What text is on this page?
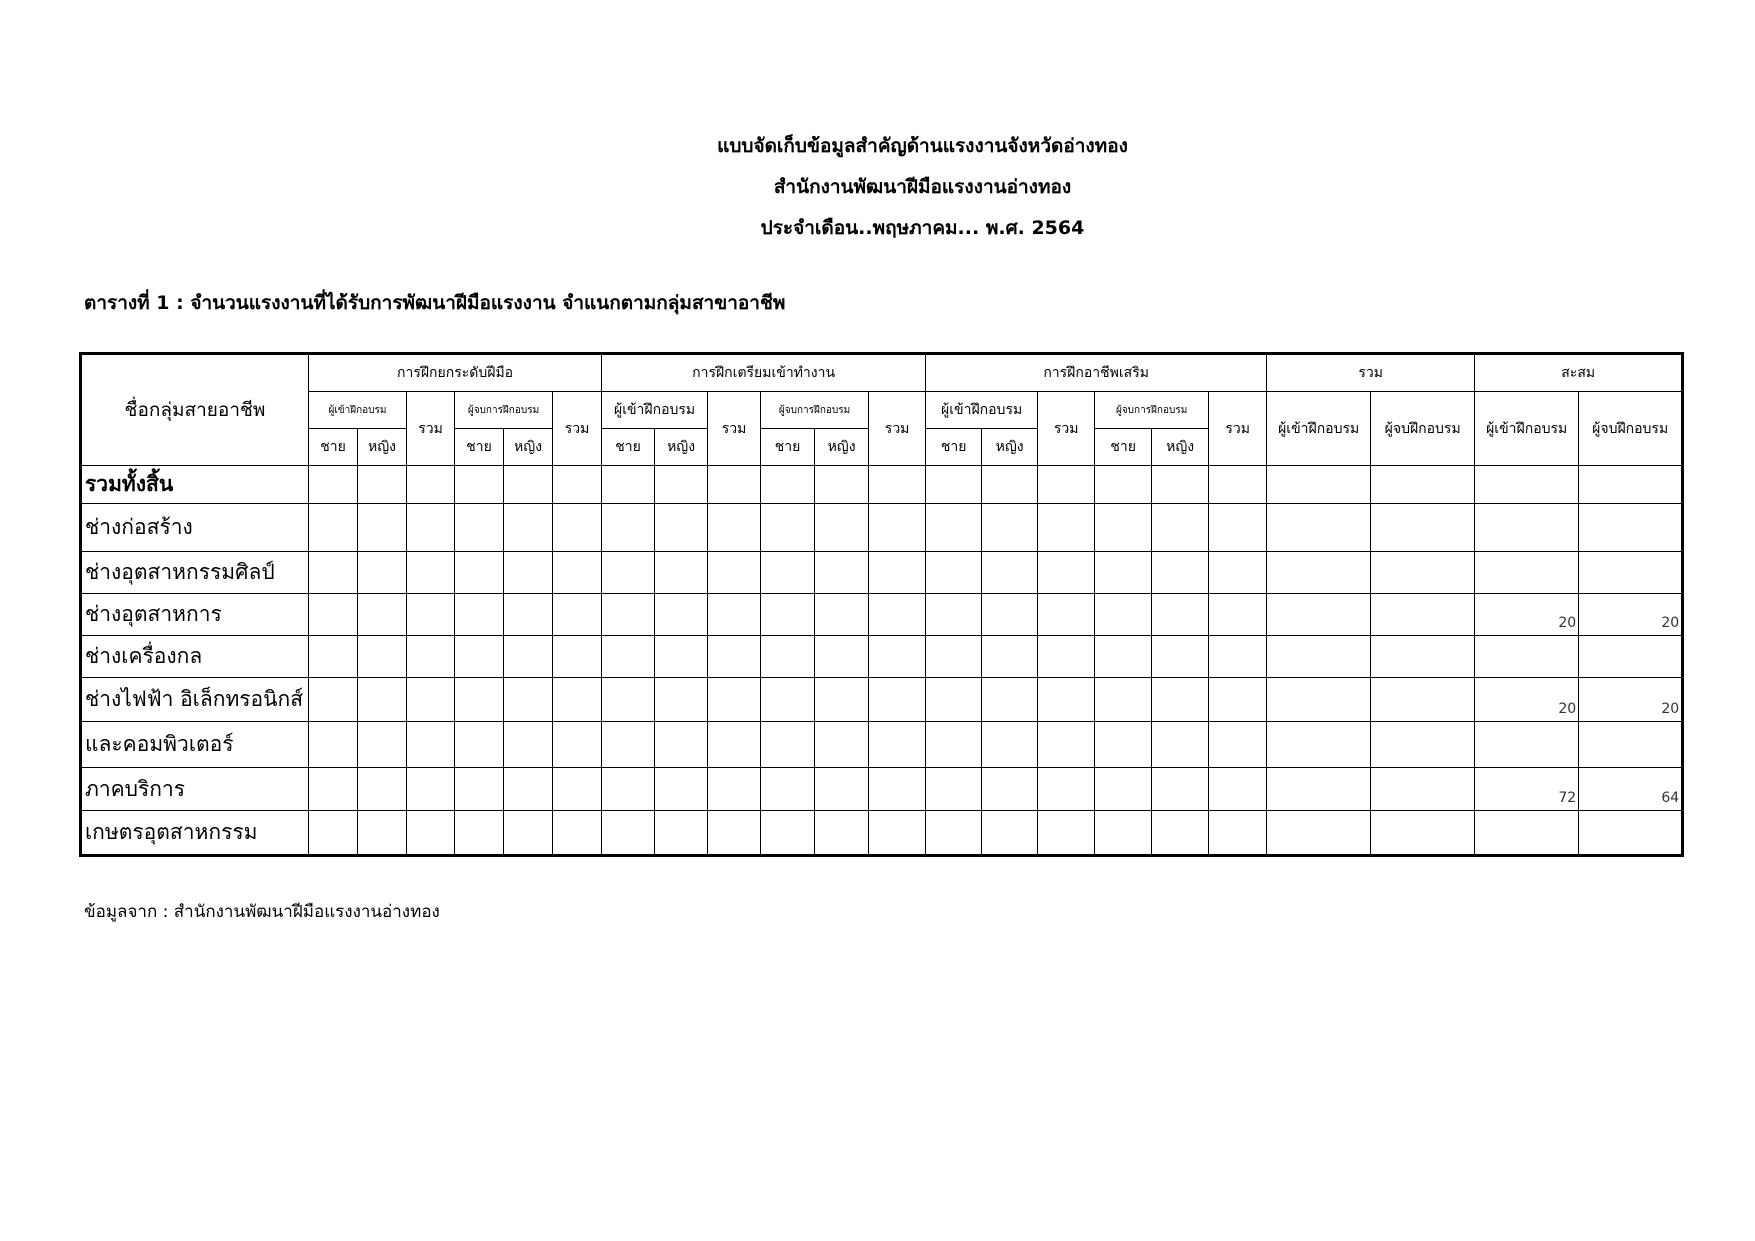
แบบจัดเก็บข้อมูลสำคัญด้านแรงงานจังหวัดอ่างทอง
สำนักงานพัฒนาฝีมือแรงงานอ่างทอง
ประจำเดือน..พฤษภาคม... พ.ศ. 2564
ตารางที่ 1 : จำนวนแรงงานที่ได้รับการพัฒนาฝีมือแรงงาน จำแนกตามกลุ่มสาขาอาชีพ
ชื่อกลุ่มสายอาชีพ	การฝึกยกระดับฝีมือ						การฝึกเตรียมเข้าทำงาน						การฝึกอาชีพเสริม						รวม		สะสม	
	ผู้เข้าฝึกอบรม		รวม	ผู้จบการฝึกอบรม		รวม	ผู้เข้าฝึกอบรม		รวม	ผู้จบการฝึกอบรม		รวม	ผู้เข้าฝึกอบรม		รวม	ผู้จบการฝึกอบรม		รวม	ผู้เข้าฝึกอบรม	ผู้จบฝึกอบรม	ผู้เข้าฝึกอบรม	ผู้จบฝึกอบรม
	ชาย	หญิง		ชาย	หญิง		ชาย	หญิง		ชาย	หญิง		ชาย	หญิง		ชาย	หญิง					
รวมทั้งสิ้น																						
ช่างก่อสร้าง																						
ช่างอุตสาหกรรมศิลป์																						
ช่างอุตสาหการ																					20	20
ช่างเครื่องกล																						
ช่างไฟฟ้า อิเล็กทรอนิกส์																					20	20
และคอมพิวเตอร์																						
ภาคบริการ																					72	64
เกษตรอุตสาหกรรม																						
ข้อมูลจาก : สำนักงานพัฒนาฝีมือแรงงานอ่างทอง
